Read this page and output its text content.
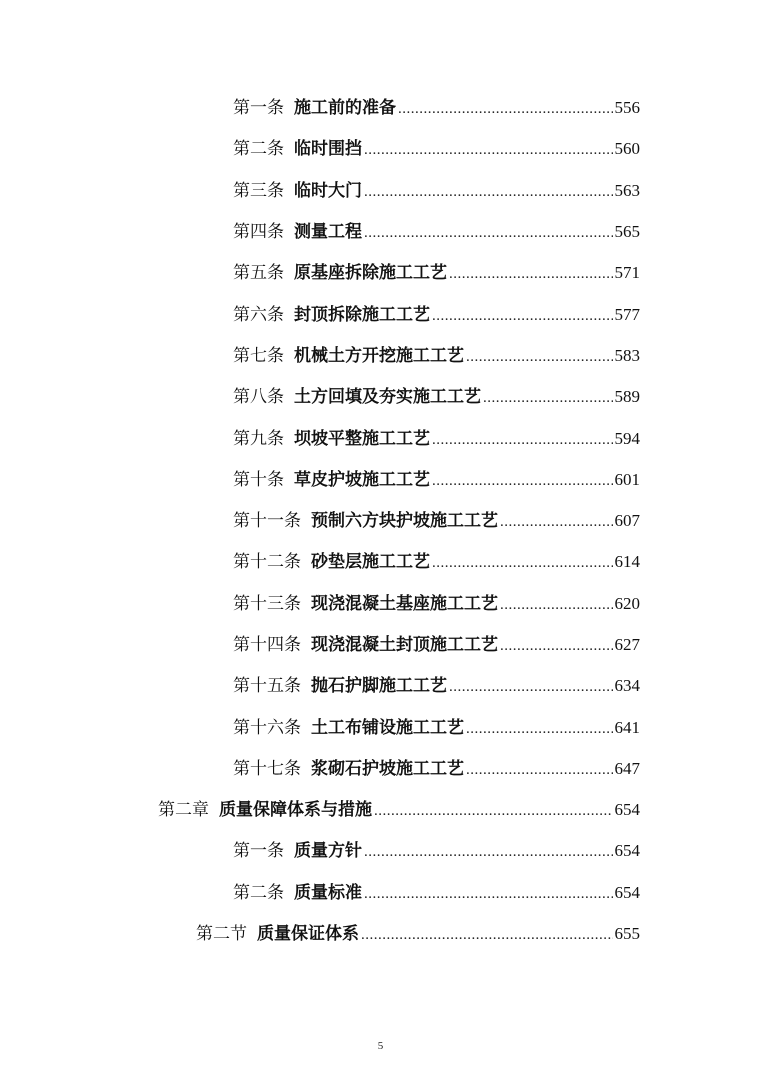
第一条 施工前的准备 .....	556
第二条 临时围挡 .....	560
第三条 临时大门 .....	563
第四条 测量工程 .....	565
第五条 原基座拆除施工工艺 .....	571
第六条 封顶拆除施工工艺 .....	577
第七条 机械土方开挖施工工艺 .....	583
第八条 土方回填及夯实施工工艺 .....	589
第九条 坝坡平整施工工艺 .....	594
第十条 草皮护坡施工工艺 .....	601
第十一条 预制六方块护坡施工工艺 .....	607
第十二条 砂垫层施工工艺 .....	614
第十三条 现浇混凝土基座施工工艺 .....	620
第十四条 现浇混凝土封顶施工工艺 .....	627
第十五条 抛石护脚施工工艺 .....	634
第十六条 土工布铺设施工工艺 .....	641
第十七条 浆砌石护坡施工工艺 .....	647
第二章 质量保障体系与措施 .....	654
第一条 质量方针 .....	654
第二条 质量标准 .....	654
第二节 质量保证体系 .....	655
5
